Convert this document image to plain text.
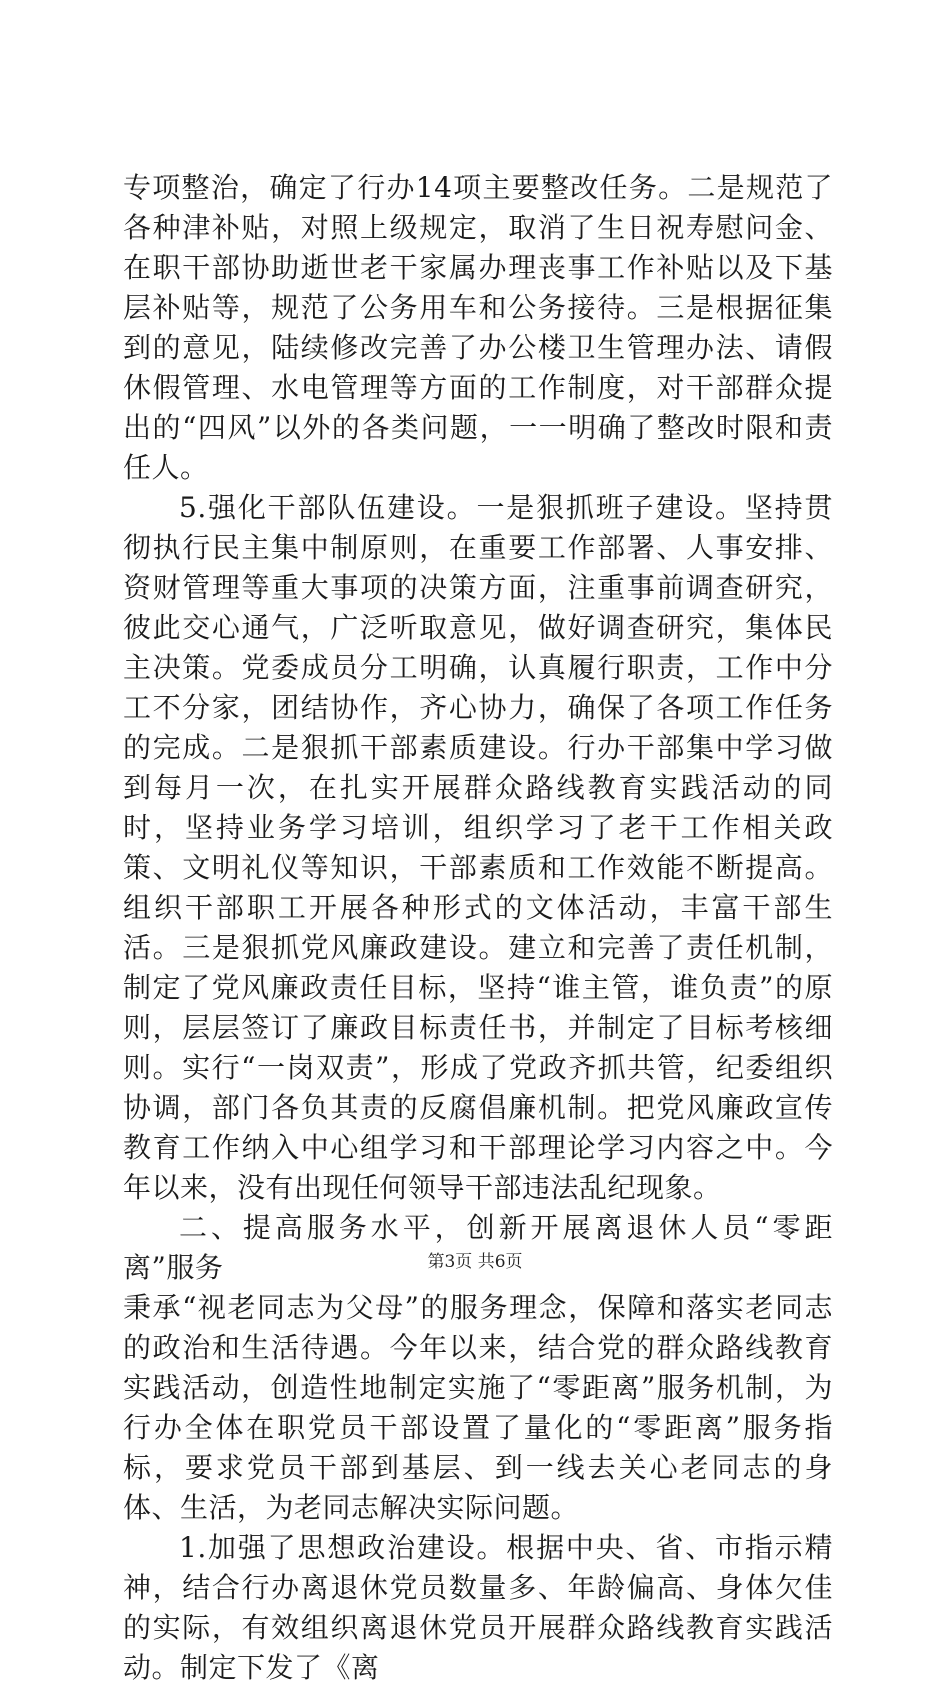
专项整治，确定了行办14项主要整改任务。二是规范了各种津补贴，对照上级规定，取消了生日祝寿慰问金、在职干部协助逝世老干家属办理丧事工作补贴以及下基层补贴等，规范了公务用车和公务接待。三是根据征集到的意见，陆续修改完善了办公楼卫生管理办法、请假休假管理、水电管理等方面的工作制度，对干部群众提出的“四风”以外的各类问题，一一明确了整改时限和责任人。

5.强化干部队伍建设。一是狠抓班子建设。坚持贯彻执行民主集中制原则，在重要工作部署、人事安排、资财管理等重大事项的决策方面，注重事前调查研究，彼此交心通气，广泛听取意见，做好调查研究，集体民主决策。党委成员分工明确，认真履行职责，工作中分工不分家，团结协作，齐心协力，确保了各项工作任务的完成。二是狠抓干部素质建设。行办干部集中学习做到每月一次，在扎实开展群众路线教育实践活动的同时，坚持业务学习培训，组织学习了老干工作相关政策、文明礼仪等知识，干部素质和工作效能不断提高。组织干部职工开展各种形式的文体活动，丰富干部生活。三是狠抓党风廉政建设。建立和完善了责任机制，制定了党风廉政责任目标，坚持“谁主管，谁负责”的原则，层层签订了廉政目标责任书，并制定了目标考核细则。实行“一岗双责”，形成了党政齐抓共管，纪委组织协调，部门各负其责的反腐倡廉机制。把党风廉政宣传教育工作纳入中心组学习和干部理论学习内容之中。今年以来，没有出现任何领导干部违法乱纪现象。

二、提高服务水平，创新开展离退休人员“零距离”服务

秉承“视老同志为父母”的服务理念，保障和落实老同志的政治和生活待遇。今年以来，结合党的群众路线教育实践活动，创造性地制定实施了“零距离”服务机制，为行办全体在职党员干部设置了量化的“零距离”服务指标，要求党员干部到基层、到一线去关心老同志的身体、生活，为老同志解决实际问题。

1.加强了思想政治建设。根据中央、省、市指示精神，结合行办离退休党员数量多、年龄偏高、身体欠佳的实际，有效组织离退休党员开展群众路线教育实践活动。制定下发了《离

第3页 共6页
